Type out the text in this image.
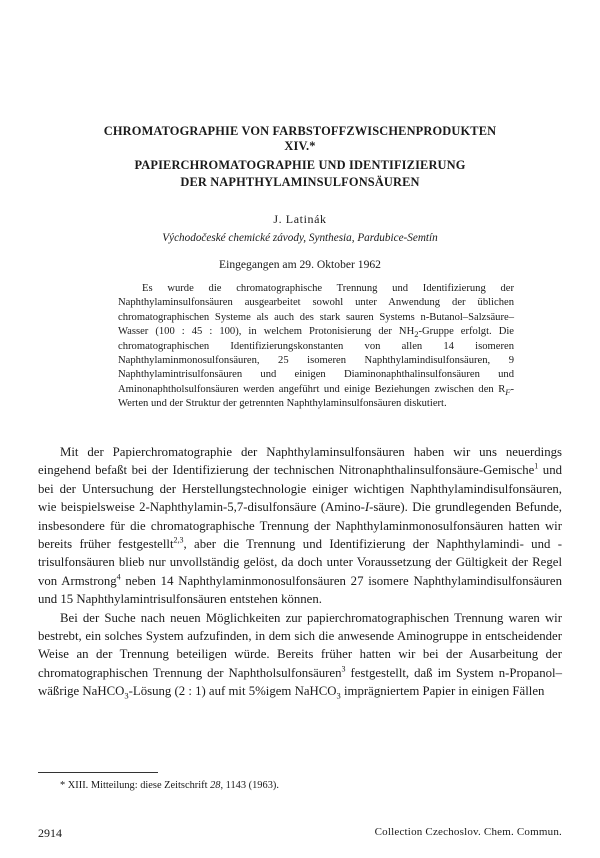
CHROMATOGRAPHIE VON FARBSTOFFZWISCHENPRODUKTEN
XIV.*
PAPIERCHROMATOGRAPHIE UND IDENTIFIZIERUNG
DER NAPHTHYLAMINSULFONSÄUREN
J. Latinák
Východočeské chemické závody, Synthesia, Pardubice-Semtín
Eingegangen am 29. Oktober 1962

Es wurde die chromatographische Trennung und Identifizierung der Naphthylaminsulfonsäuren ausgearbeitet sowohl unter Anwendung der üblichen chromatographischen Systeme als auch des stark sauren Systems n-Butanol–Salzsäure–Wasser (100 : 45 : 100), in welchem Protonisierung der $NH_2$-Gruppe erfolgt. Die chromatographischen Identifizierungskonstanten von allen 14 isomeren Naphthylaminmonosulfonsäuren, 25 isomeren Naphthylamindisulfonsäuren, 9 Naphthylamintrisulfonsäuren und einigen Diaminonaphthalinsulfonsäuren und Aminonaphtholsulfonsäuren werden angeführt und einige Beziehungen zwischen den $R_F$-Werten und der Struktur der getrennten Naphthylaminsulfonsäuren diskutiert.

Mit der Papierchromatographie der Naphthylaminsulfonsäuren haben wir uns neuerdings eingehend befaßt bei der Identifizierung der technischen Nitronaphthalinsulfonsäure-Gemische$^1$ und bei der Untersuchung der Herstellungstechnologie einiger wichtigen Naphthylamindisulfonsäuren, wie beispielsweise 2-Naphthylamin-5,7-disulfonsäure (Amino-I-säure). Die grundlegenden Befunde, insbesondere für die chromatographische Trennung der Naphthylaminmonosulfonsäuren hatten wir bereits früher festgestellt$^{2,3}$, aber die Trennung und Identifizierung der Naphthylamindi- und -trisulfonsäuren blieb nur unvollständig gelöst, da doch unter Voraussetzung der Gültigkeit der Regel von Armstrong$^4$ neben 14 Naphthylaminmonosulfonsäuren 27 isomere Naphthylamindisulfonsäuren und 15 Naphthylamintrisulfonsäuren entstehen können.

Bei der Suche nach neuen Möglichkeiten zur papierchromatographischen Trennung waren wir bestrebt, ein solches System aufzufinden, in dem sich die anwesende Aminogruppe in entscheidender Weise an der Trennung beteiligen würde. Bereits früher hatten wir bei der Ausarbeitung der chromatographischen Trennung der Naphtholsulfonsäuren$^3$ festgestellt, daß im System n-Propanol–wäßrige NaHCO$_3$-Lösung (2 : 1) auf mit 5%igem NaHCO$_3$ imprägniertem Papier in einigen Fällen

* XIII. Mitteilung: diese Zeitschrift 28, 1143 (1963).
2914	Collection Czechoslov. Chem. Commun.
